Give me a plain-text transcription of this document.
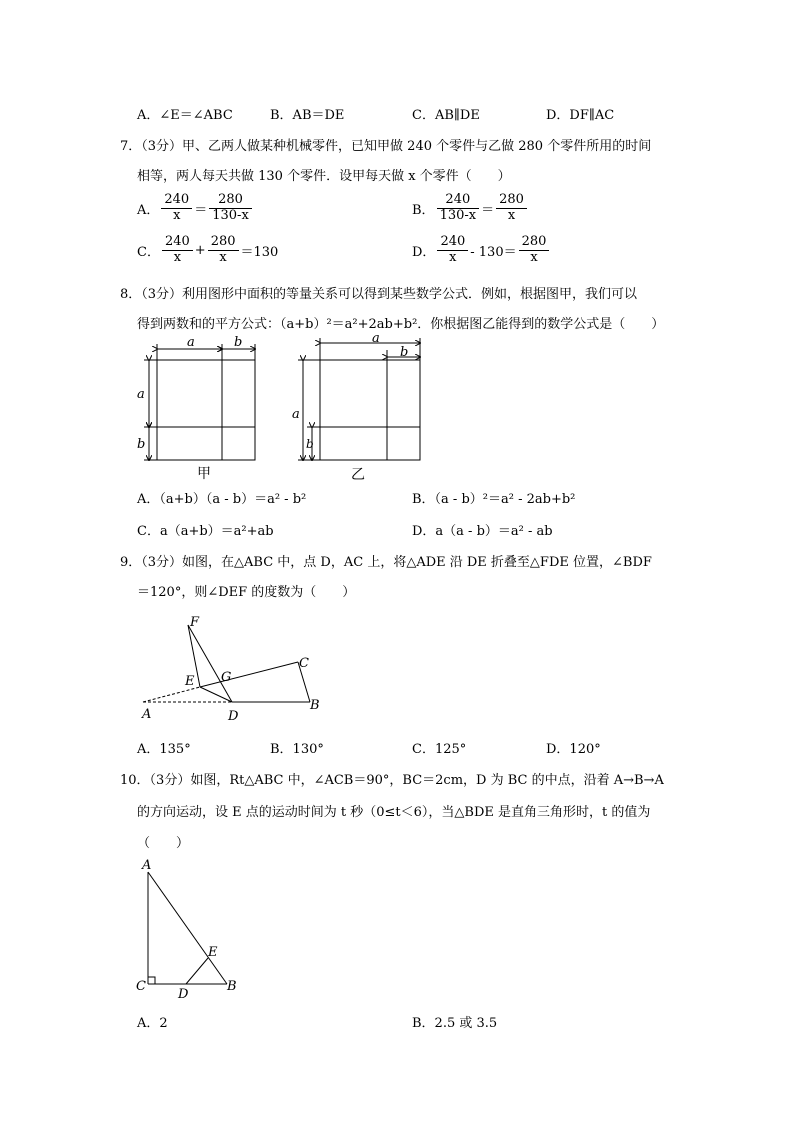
A．∠E＝∠ABC	B．AB＝DE	C．AB∥DE	D．DF∥AC
7．（3分）甲、乙两人做某种机械零件，已知甲做 240 个零件与乙做 280 个零件所用的时间
相等，两人每天共做 130 个零件．设甲每天做 x 个零件（　　）
A． $\frac{240}{x} = \frac{280}{130-x}$	B． $\frac{240}{130-x} = \frac{280}{x}$
C． $\frac{240}{x} + \frac{280}{x} =130$	D． $\frac{240}{x} - 130= \frac{280}{x}$
8．（3分）利用图形中面积的等量关系可以得到某些数学公式．例如，根据图甲，我们可以
得到两数和的平方公式：（a+b）²＝a²+2ab+b²．你根据图乙能得到的数学公式是（　　）
a	b
a
b
甲
a
b
a
b
乙
A．（a+b）（a - b）＝a² - b²	B．（a - b）²＝a² - 2ab+b²
C．a（a+b）＝a²+ab	D．a（a - b）＝a² - ab
9．（3分）如图，在△ABC 中，点 D，AC 上，将△ADE 沿 DE 折叠至△FDE 位置，∠BDF
＝120°，则∠DEF 的度数为（　　）
F
C
G
E
A	D
B
A．135°	B．130°	C．125°	D．120°
10．（3分）如图，Rt△ABC 中，∠ACB＝90°，BC＝2cm，D 为 BC 的中点，沿着 A→B→A
的方向运动，设 E 点的运动时间为 t 秒（0≤t＜6），当△BDE 是直角三角形时，t 的值为
（　　）
A
E
C
D
B
A．2	B．2.5 或 3.5
